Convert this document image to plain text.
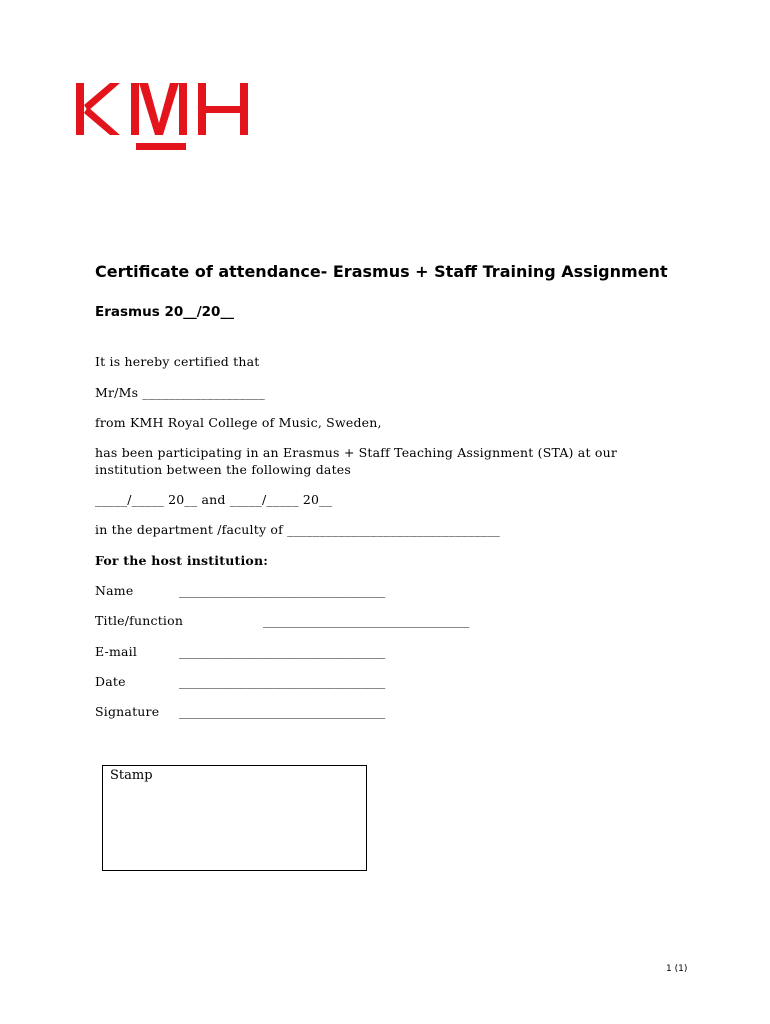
Certificate of attendance- Erasmus + Staff Training Assignment
Erasmus 20__/20__
It is hereby certified that
Mr/Ms ___________________
from KMH Royal College of Music, Sweden,
has been participating in an Erasmus + Staff Teaching Assignment (STA) at our
institution between the following dates
_____/_____ 20__ and _____/_____ 20__
in the department /faculty of _________________________________
For the host institution:
Name	_________________________________
Title/function	_________________________________
E-mail	_________________________________
Date	_________________________________
Signature _________________________________
Stamp
1 (1)
